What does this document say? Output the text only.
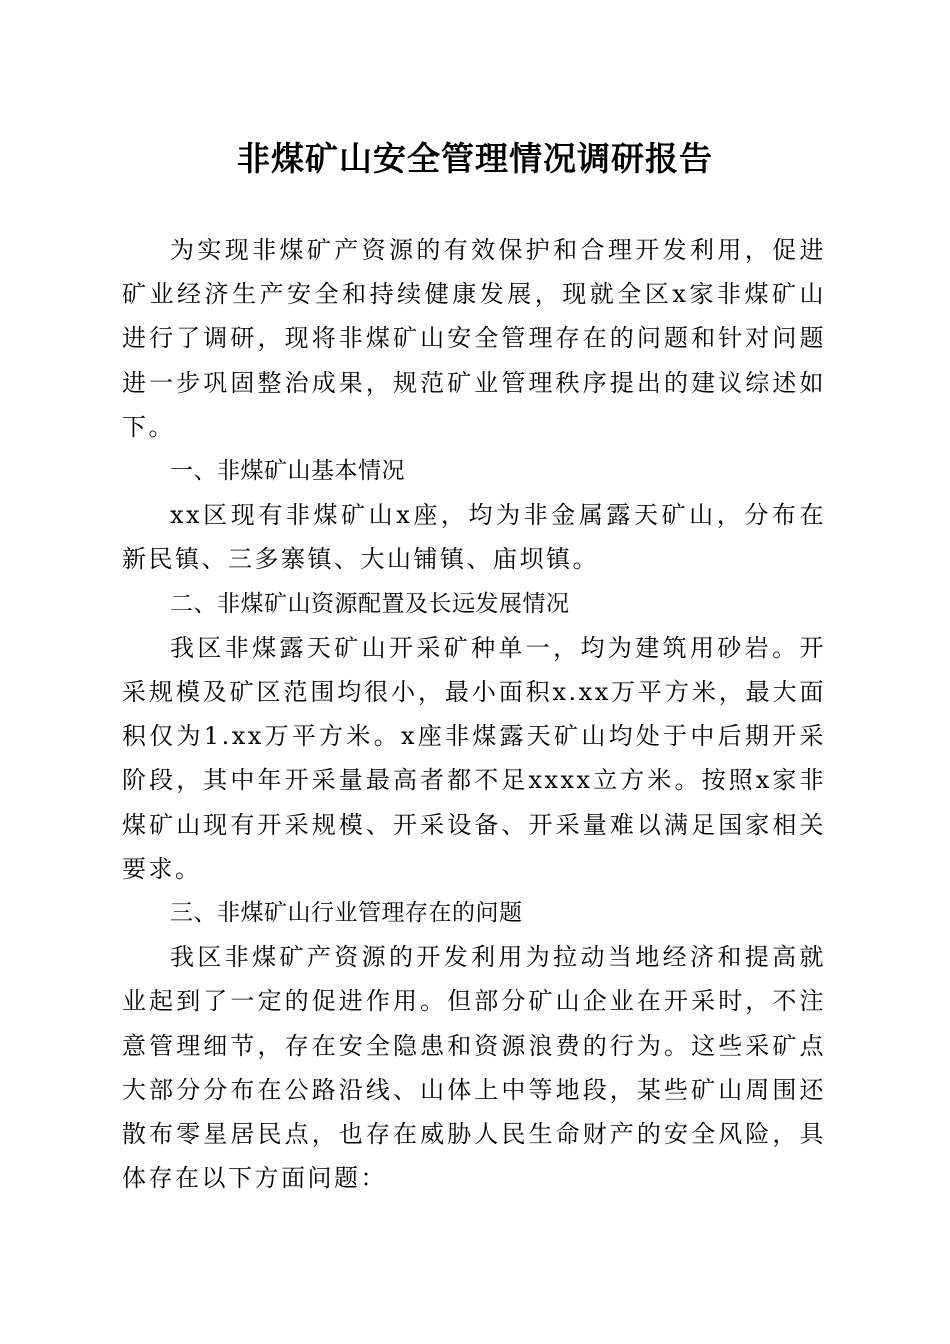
非煤矿山安全管理情况调研报告

为实现非煤矿产资源的有效保护和合理开发利用，促进矿业经济生产安全和持续健康发展，现就全区x家非煤矿山进行了调研，现将非煤矿山安全管理存在的问题和针对问题进一步巩固整治成果，规范矿业管理秩序提出的建议综述如下。

一、非煤矿山基本情况

xx区现有非煤矿山x座，均为非金属露天矿山，分布在新民镇、三多寨镇、大山铺镇、庙坝镇。

二、非煤矿山资源配置及长远发展情况

我区非煤露天矿山开采矿种单一，均为建筑用砂岩。开采规模及矿区范围均很小，最小面积x.xx万平方米，最大面积仅为1.xx万平方米。x座非煤露天矿山均处于中后期开采阶段，其中年开采量最高者都不足xxxx立方米。按照x家非煤矿山现有开采规模、开采设备、开采量难以满足国家相关要求。

三、非煤矿山行业管理存在的问题

我区非煤矿产资源的开发利用为拉动当地经济和提高就业起到了一定的促进作用。但部分矿山企业在开采时，不注意管理细节，存在安全隐患和资源浪费的行为。这些采矿点大部分分布在公路沿线、山体上中等地段，某些矿山周围还散布零星居民点，也存在威胁人民生命财产的安全风险，具体存在以下方面问题：
